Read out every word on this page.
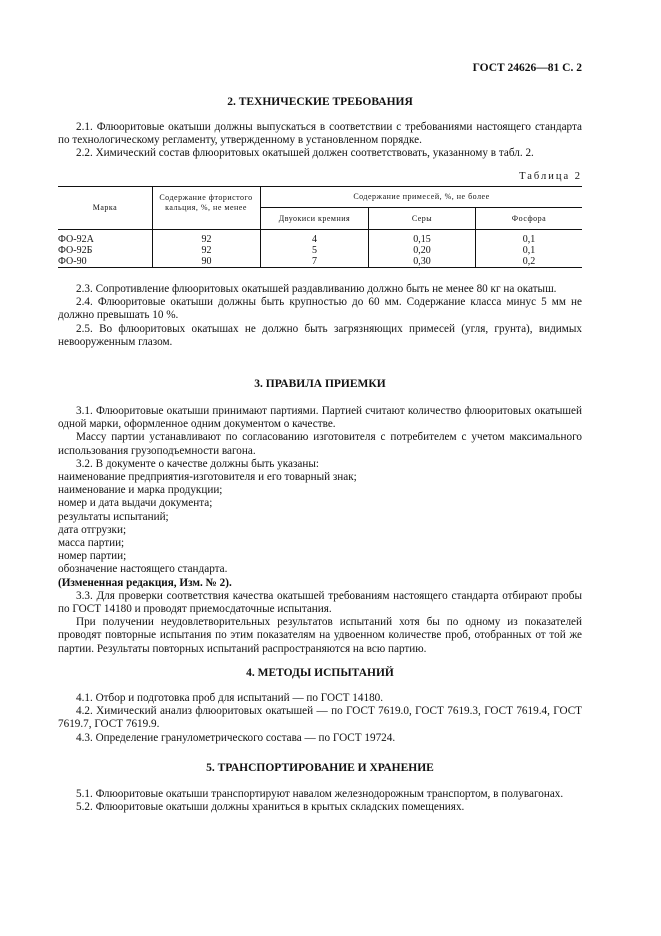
ГОСТ 24626—81 С. 2
2. ТЕХНИЧЕСКИЕ ТРЕБОВАНИЯ

2.1. Флюоритовые окатыши должны выпускаться в соответствии с требованиями настоящего стандарта по технологическому регламенту, утвержденному в установленном порядке.

2.2. Химический состав флюоритовых окатышей должен соответствовать, указанному в табл. 2.

Таблица 2
Марка
Содержание фтористого кальция, %, не менее
Содержание примесей, %, не более
Двуокиси кремния	Серы	Фосфора
ФО-92А	92	4	0,15	0,1
ФО-92Б	92	5	0,20	0,1
ФО-90	90	7	0,30	0,2

2.3. Сопротивление флюоритовых окатышей раздавливанию должно быть не менее 80 кг на окатыш.

2.4. Флюоритовые окатыши должны быть крупностью до 60 мм. Содержание класса минус 5 мм не должно превышать 10 %.

2.5. Во флюоритовых окатышах не должно быть загрязняющих примесей (угля, грунта), видимых невооруженным глазом.

3. ПРАВИЛА ПРИЕМКИ

3.1. Флюоритовые окатыши принимают партиями. Партией считают количество флюоритовых окатышей одной марки, оформленное одним документом о качестве.

Массу партии устанавливают по согласованию изготовителя с потребителем с учетом максимального использования грузоподъемности вагона.

3.2. В документе о качестве должны быть указаны:

наименование предприятия-изготовителя и его товарный знак;

наименование и марка продукции;

номер и дата выдачи документа;

результаты испытаний;

дата отгрузки;

масса партии;

номер партии;

обозначение настоящего стандарта.

(Измененная редакция, Изм. № 2).

3.3. Для проверки соответствия качества окатышей требованиям настоящего стандарта отбирают пробы по ГОСТ 14180 и проводят приемосдаточные испытания.

При получении неудовлетворительных результатов испытаний хотя бы по одному из показателей проводят повторные испытания по этим показателям на удвоенном количестве проб, отобранных от той же партии. Результаты повторных испытаний распространяются на всю партию.

4. МЕТОДЫ ИСПЫТАНИЙ

4.1. Отбор и подготовка проб для испытаний — по ГОСТ 14180.

4.2. Химический анализ флюоритовых окатышей — по ГОСТ 7619.0, ГОСТ 7619.3, ГОСТ 7619.4, ГОСТ 7619.7, ГОСТ 7619.9.

4.3. Определение гранулометрического состава — по ГОСТ 19724.

5. ТРАНСПОРТИРОВАНИЕ И ХРАНЕНИЕ

5.1. Флюоритовые окатыши транспортируют навалом железнодорожным транспортом, в полувагонах.

5.2. Флюоритовые окатыши должны храниться в крытых складских помещениях.
